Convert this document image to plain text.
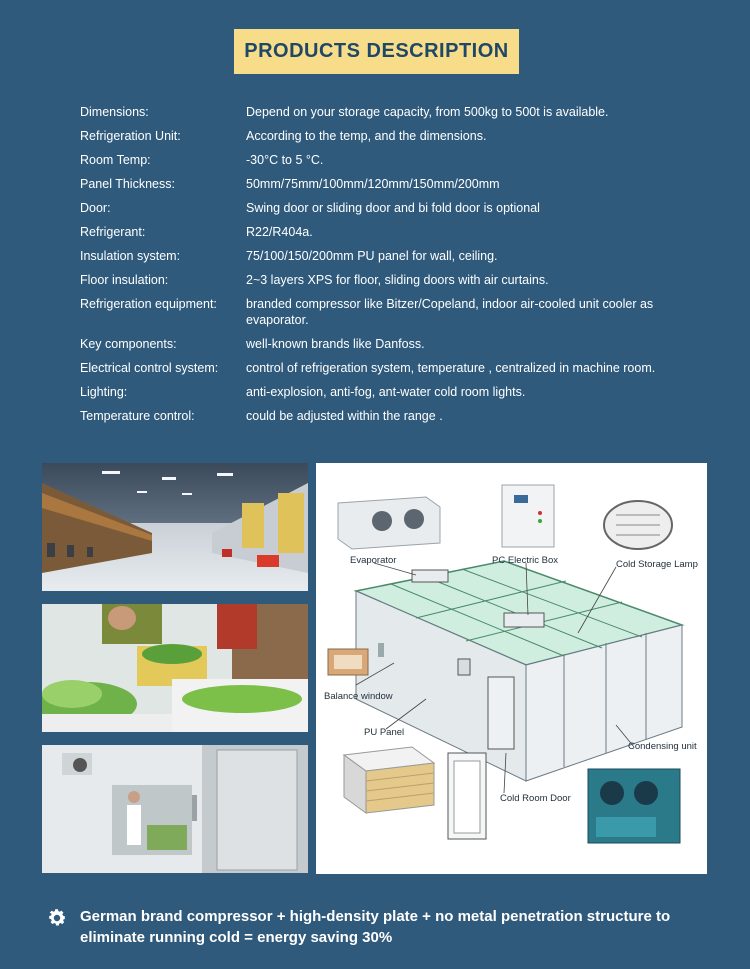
PRODUCTS DESCRIPTION
Dimensions:	Depend on your storage capacity, from 500kg to 500t is available.
Refrigeration Unit:	According to the temp, and the dimensions.
Room Temp:	-30°C to 5 °C.
Panel Thickness:	50mm/75mm/100mm/120mm/150mm/200mm
Door:	Swing door or sliding door and bi fold door is optional
Refrigerant:	R22/R404a.
Insulation system:	75/100/150/200mm PU panel for wall, ceiling.
Floor insulation:	2~3 layers XPS for floor, sliding doors with air curtains.
Refrigeration equipment:	branded compressor like Bitzer/Copeland, indoor air-cooled unit cooler as evaporator.
Key components:	well-known brands like Danfoss.
Electrical control system:	control of refrigeration system, temperature , centralized in machine room.
Lighting:	anti-explosion, anti-fog, ant-water cold room lights.
Temperature control:	could be adjusted within the range .
Evaporator	PC Electric Box	Cold Storage Lamp
Balance window
PU Panel
Condensing unit
Cold Room Door
German brand compressor + high-density plate + no metal penetration structure to eliminate running cold = energy saving 30%
